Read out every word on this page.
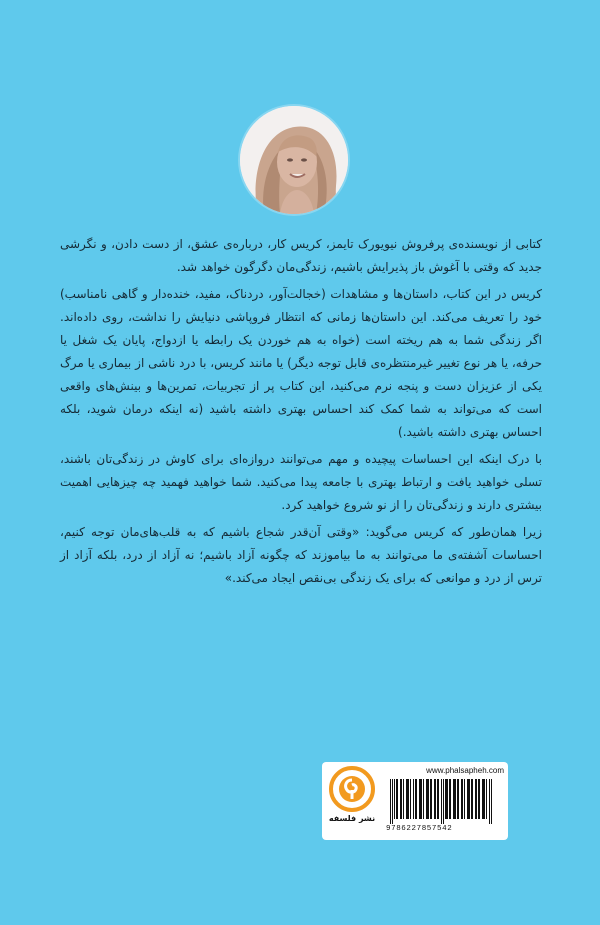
کتابی از نویسنده‌ی پرفروش نیویورک تایمز، کریس کار، درباره‌ی عشق، از دست دادن، و نگرشی جدید که وقتی با آغوش باز پذیرایش باشیم، زندگی‌مان دگرگون خواهد شد.

کریس در این کتاب، داستان‌ها و مشاهدات (خجالت‌آور، دردناک، مفید، خنده‌دار و گاهی نامناسب) خود را تعریف می‌کند. این داستان‌ها زمانی که انتظار فروپاشی دنیایش را نداشت، روی داده‌اند. اگر زندگی شما به هم ریخته است (خواه به هم خوردن یک رابطه یا ازدواج، پایان یک شغل یا حرفه، یا هر نوع تغییر غیرمنتظره‌ی قابل توجه دیگر) یا مانند کریس، با درد ناشی از بیماری یا مرگ یکی از عزیزان دست و پنجه نرم می‌کنید، این کتاب پر از تجربیات، تمرین‌ها و بینش‌های واقعی است که می‌تواند به شما کمک کند احساس بهتری داشته باشید (نه اینکه درمان شوید، بلکه احساس بهتری داشته باشید.)

با درک اینکه این احساسات پیچیده و مهم می‌توانند دروازه‌ای برای کاوش در زندگی‌تان باشند، تسلی خواهید یافت و ارتباط بهتری با جامعه پیدا می‌کنید. شما خواهید فهمید چه چیزهایی اهمیت بیشتری دارند و زندگی‌تان را از نو شروع خواهید کرد.

زیرا همان‌طور که کریس می‌گوید: «وقتی آن‌قدر شجاع باشیم که به قلب‌های‌مان توجه کنیم، احساسات آشفته‌ی ما می‌توانند به ما بیاموزند که چگونه آزاد باشیم؛ نه آزاد از درد، بلکه آزاد از ترس از درد و موانعی که برای یک زندگی بی‌نقص ایجاد می‌کند.»

نشر فلسفه
www.phalsapheh.com
9786227857542
